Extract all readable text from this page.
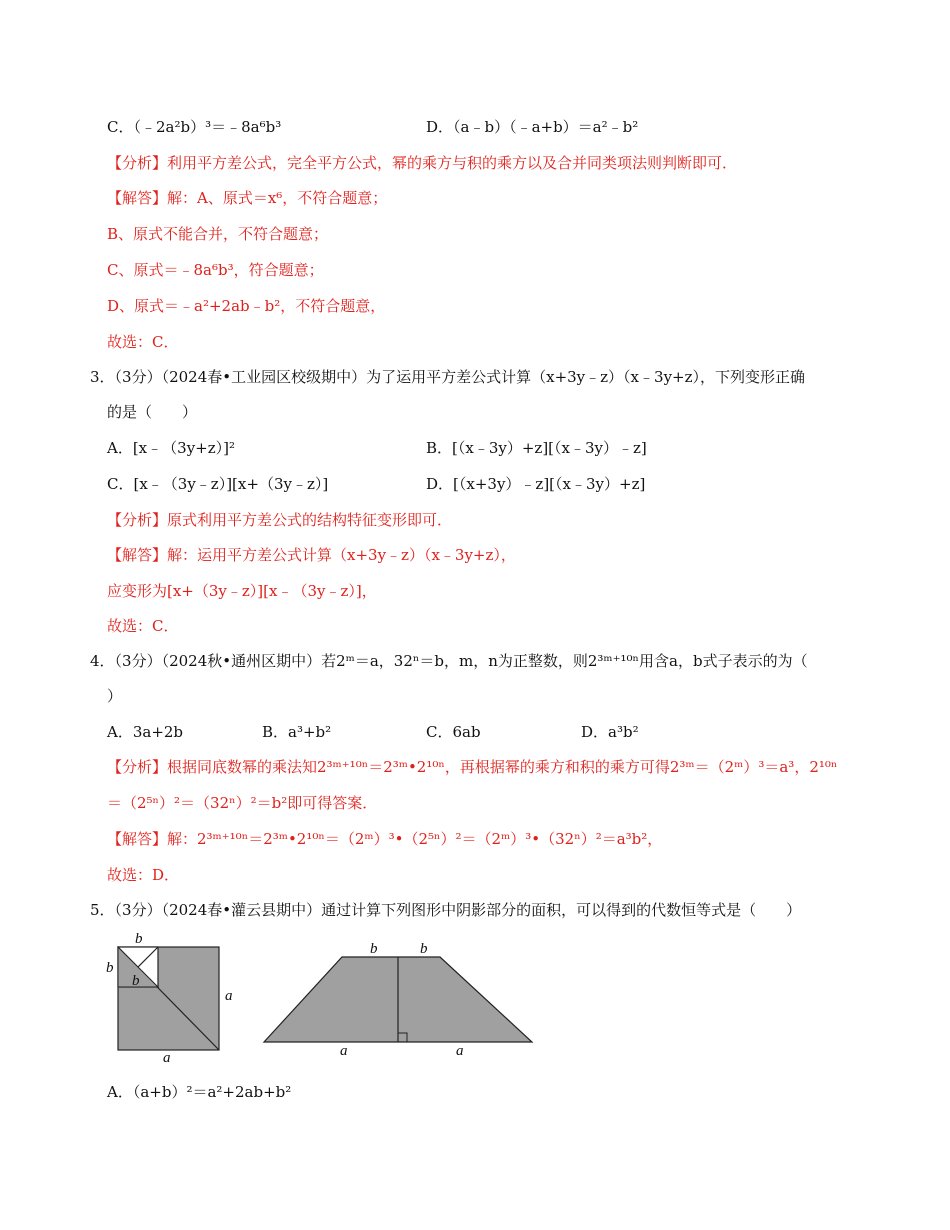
C．（﹣2a²b）³＝﹣8a⁶b³	D．（a﹣b）（﹣a+b）＝a²﹣b²
【分析】利用平方差公式，完全平方公式，幂的乘方与积的乘方以及合并同类项法则判断即可．
【解答】解：A、原式＝x⁶，不符合题意；
B、原式不能合并，不符合题意；
C、原式＝﹣8a⁶b³，符合题意；
D、原式＝﹣a²+2ab﹣b²，不符合题意，
故选：C．
3．（3分）（2024春•工业园区校级期中）为了运用平方差公式计算（x+3y﹣z）（x﹣3y+z），下列变形正确
的是（　　）
A．[x﹣（3y+z）]²	B．[（x﹣3y）+z][（x﹣3y）﹣z]
C．[x﹣（3y﹣z）][x+（3y﹣z）]	D．[（x+3y）﹣z][（x﹣3y）+z]
【分析】原式利用平方差公式的结构特征变形即可．
【解答】解：运用平方差公式计算（x+3y﹣z）（x﹣3y+z），
应变形为[x+（3y﹣z）][x﹣（3y﹣z）]，
故选：C．
4．（3分）（2024秋•通州区期中）若2ᵐ＝a，32ⁿ＝b，m，n为正整数，则2³ᵐ⁺¹⁰ⁿ用含a，b式子表示的为（
）
A．3a+2b	B．a³+b²	C．6ab	D．a³b²
【分析】根据同底数幂的乘法知2³ᵐ⁺¹⁰ⁿ＝2³ᵐ•2¹⁰ⁿ，再根据幂的乘方和积的乘方可得2³ᵐ＝（2ᵐ）³＝a³，2¹⁰ⁿ
＝（2⁵ⁿ）²＝（32ⁿ）²＝b²即可得答案．
【解答】解：2³ᵐ⁺¹⁰ⁿ＝2³ᵐ•2¹⁰ⁿ＝（2ᵐ）³•（2⁵ⁿ）²＝（2ᵐ）³•（32ⁿ）²＝a³b²，
故选：D．
5．（3分）（2024春•灌云县期中）通过计算下列图形中阴影部分的面积，可以得到的代数恒等式是（　　）
b
b
b
a
a
b	b
a	a
A．（a+b）²＝a²+2ab+b²
